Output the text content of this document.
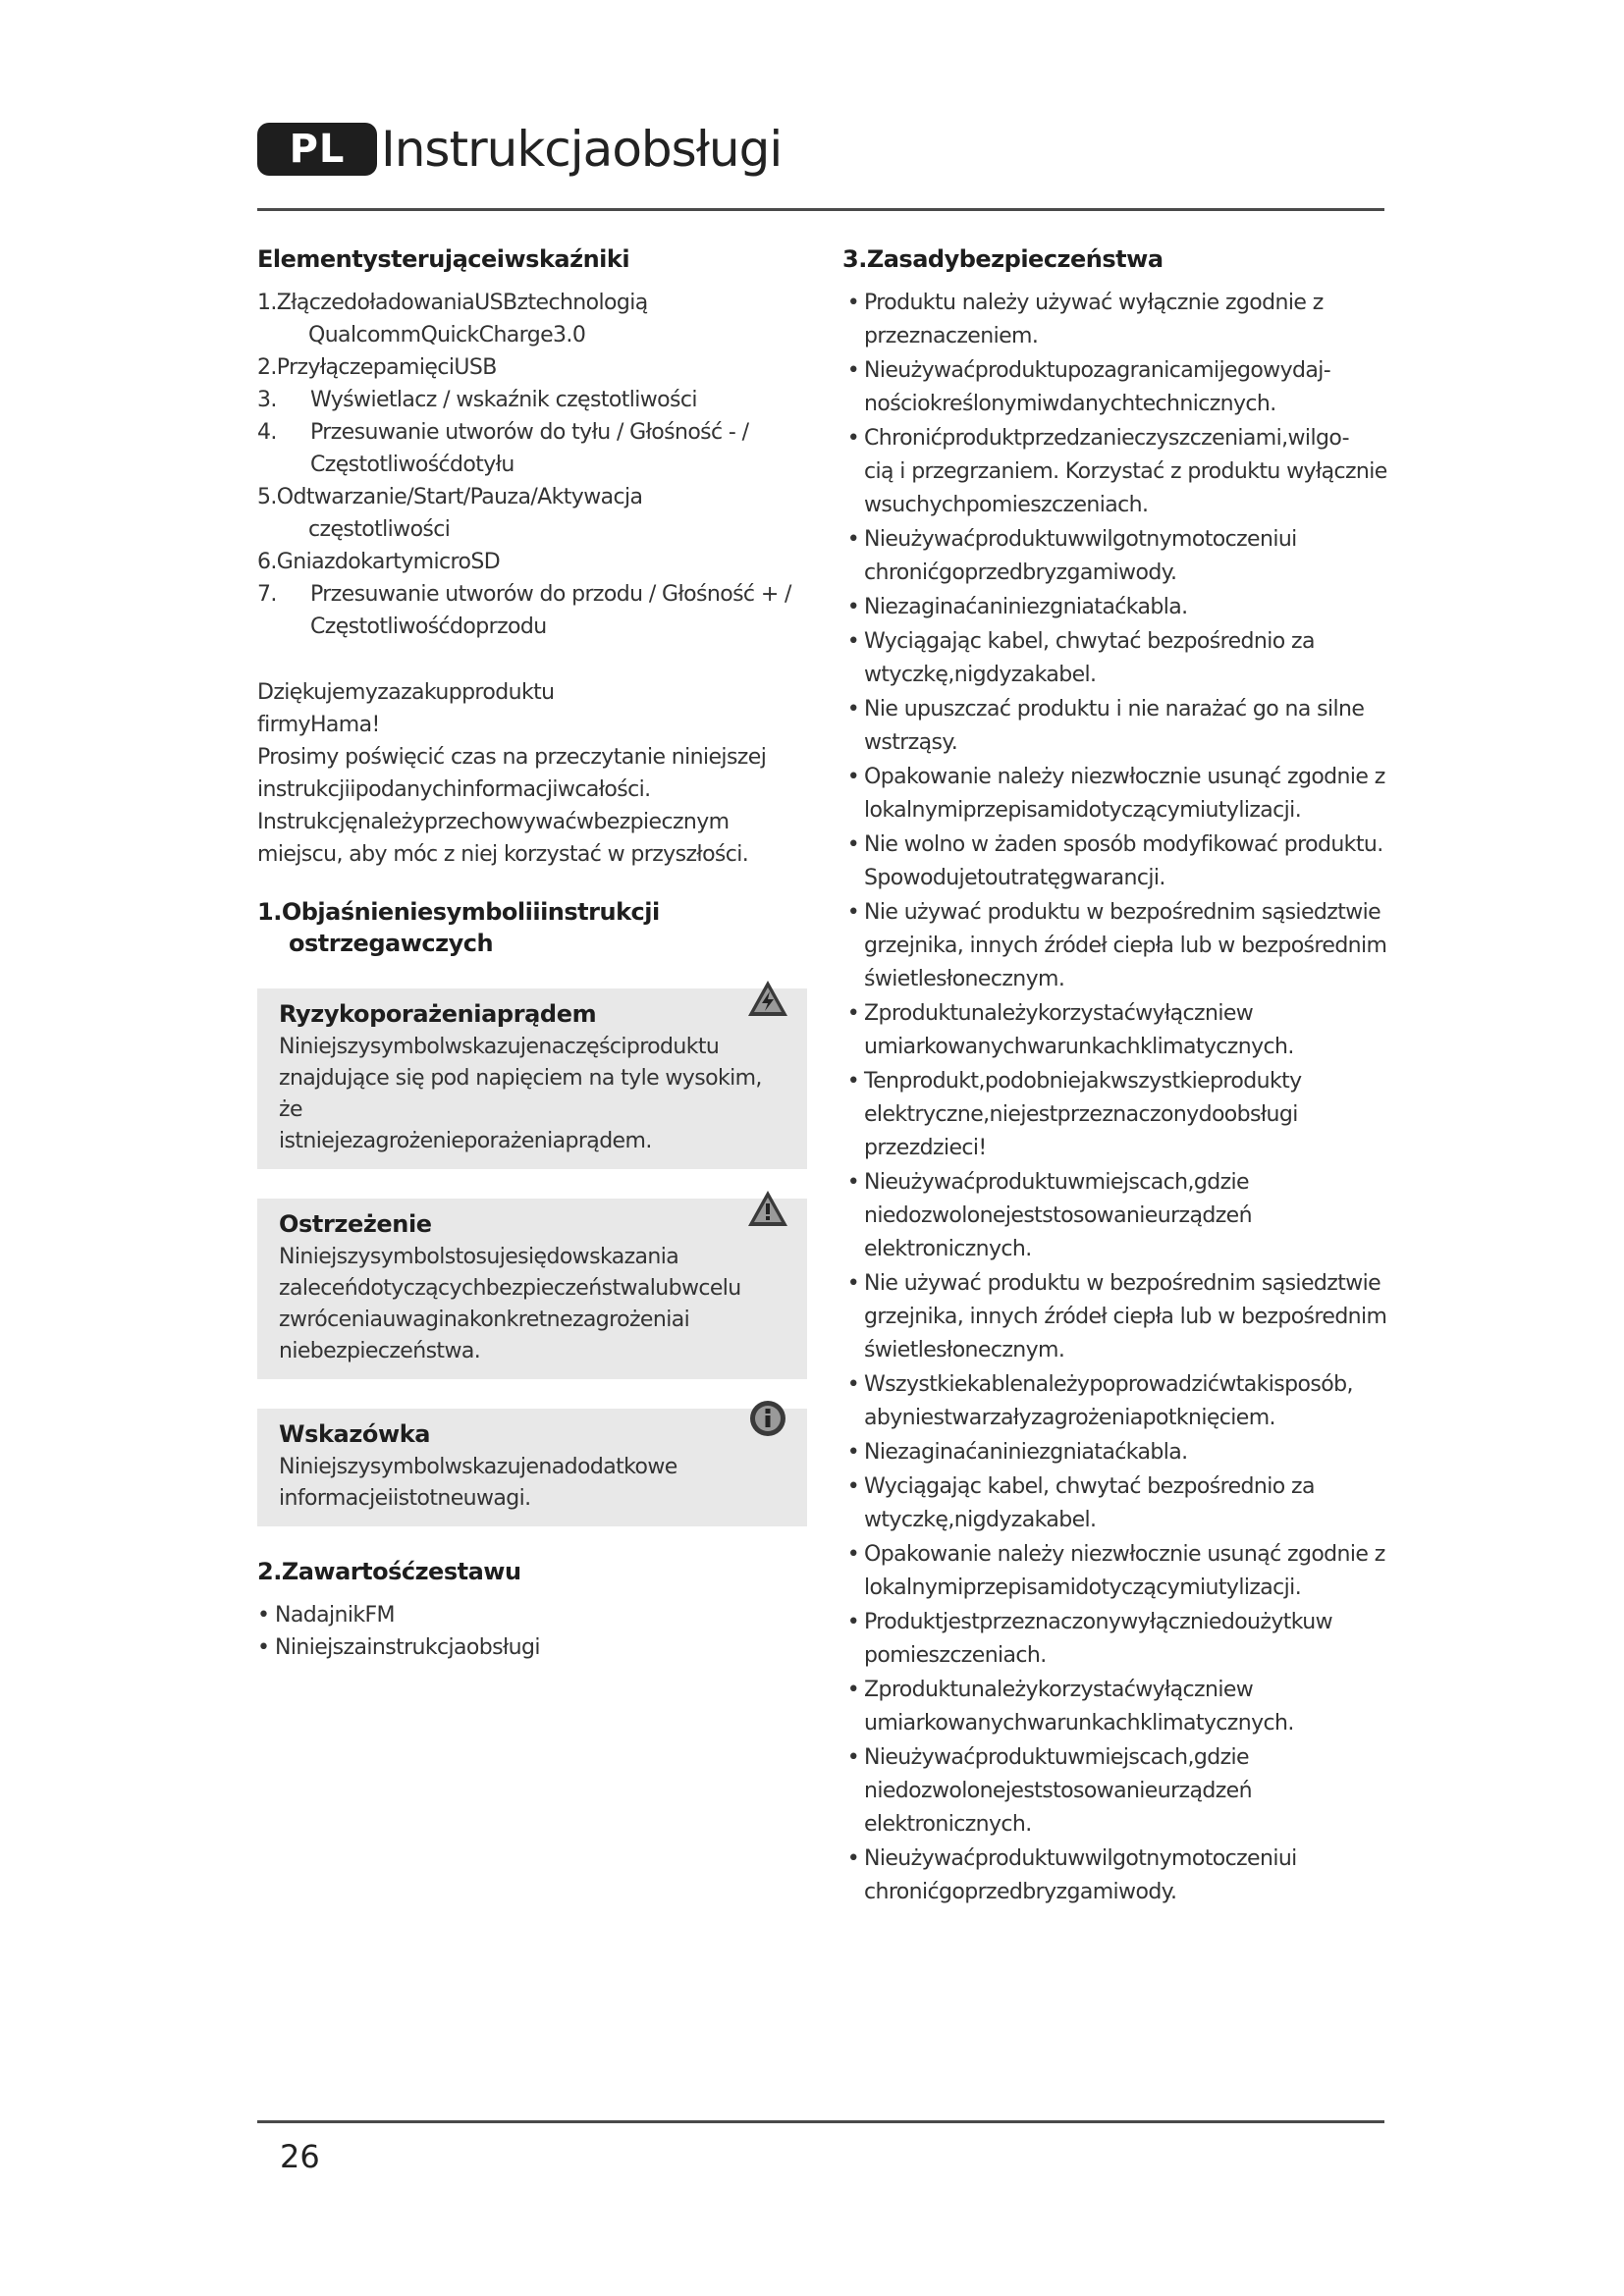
PL Instrukcjaobsługi
Elementysterująceiwskaźniki
1. ZłączedoładowaniaUSBztechnologią
QualcommQuickCharge3.0
2. PrzyłączepamięciUSB
3.	Wyświetlacz / wskaźnik częstotliwości
4.	Przesuwanie utworów do tyłu / Głośność - /
Częstotliwośćdotyłu
5. Odtwarzanie/Start/Pauza/Aktywacja
częstotliwości
6. GniazdokartymicroSD
7.	Przesuwanie utworów do przodu / Głośność + /
Częstotliwośćdoprzodu

Dziękujemyzazakupproduktu

firmyHama!

Prosimy poświęcić czas na przeczytanie niniejszej

instrukcjiipodanychinformacjiwcałości.

Instrukcjęnależyprzechowywaćwbezpiecznym

miejscu, aby móc z niej korzystać w przyszłości.

1.Objaśnieniesymboliiinstrukcji
ostrzegawczych
Ryzykoporażeniaprądem
Niniejszysymbolwskazujenaczęściproduktu
znajdujące się pod napięciem na tyle wysokim, że
istniejezagrożenieporażeniaprądem.
Ostrzeżenie
Niniejszysymbolstosujesiędowskazania
zaleceńdotyczącychbezpieczeństwalubwcelu
zwróceniauwaginakonkretnezagrożeniai
niebezpieczeństwa.
Wskazówka
Niniejszysymbolwskazujenadodatkowe
informacjeiistotneuwagi.
2.Zawartośćzestawu
• NadajnikFM
• Niniejszainstrukcjaobsługi
3.Zasadybezpieczeństwa
• Produktu należy używać wyłącznie zgodnie z
przeznaczeniem.
• Nieużywaćproduktupozagranicamijegowydaj-
nościokreślonymiwdanychtechnicznych.
• Chronićproduktprzedzanieczyszczeniami,wilgo-
cią i przegrzaniem. Korzystać z produktu wyłącznie
wsuchychpomieszczeniach.
• Nieużywaćproduktuwwilgotnymotoczeniui
chronićgoprzedbryzgamiwody.
• Niezaginaćaniniezgniataćkabla.
• Wyciągając kabel, chwytać bezpośrednio za
wtyczkę,nigdyzakabel.
• Nie upuszczać produktu i nie narażać go na silne
wstrząsy.
• Opakowanie należy niezwłocznie usunąć zgodnie z
lokalnymiprzepisamidotyczącymiutylizacji.
• Nie wolno w żaden sposób modyfikować produktu.
Spowodujetoutratęgwarancji.
• Nie używać produktu w bezpośrednim sąsiedztwie
grzejnika, innych źródeł ciepła lub w bezpośrednim
świetlesłonecznym.
• Zproduktunależykorzystaćwyłączniew
umiarkowanychwarunkachklimatycznych.
• Tenprodukt,podobniejakwszystkieprodukty
elektryczne,niejestprzeznaczonydoobsługi
przezdzieci!
• Nieużywaćproduktuwmiejscach,gdzie
niedozwolonejeststosowanieurządzeń
elektronicznych.
• Nie używać produktu w bezpośrednim sąsiedztwie
grzejnika, innych źródeł ciepła lub w bezpośrednim
świetlesłonecznym.
• Wszystkiekablenależypoprowadzićwtakisposób,
abyniestwarzałyzagrożeniapotknięciem.
• Niezaginaćaniniezgniataćkabla.
• Wyciągając kabel, chwytać bezpośrednio za
wtyczkę,nigdyzakabel.
• Opakowanie należy niezwłocznie usunąć zgodnie z
lokalnymiprzepisamidotyczącymiutylizacji.
• Produktjestprzeznaczonywyłączniedoużytkuw
pomieszczeniach.
• Zproduktunależykorzystaćwyłączniew
umiarkowanychwarunkachklimatycznych.
• Nieużywaćproduktuwmiejscach,gdzie
niedozwolonejeststosowanieurządzeń
elektronicznych.
• Nieużywaćproduktuwwilgotnymotoczeniui
chronićgoprzedbryzgamiwody.
26
